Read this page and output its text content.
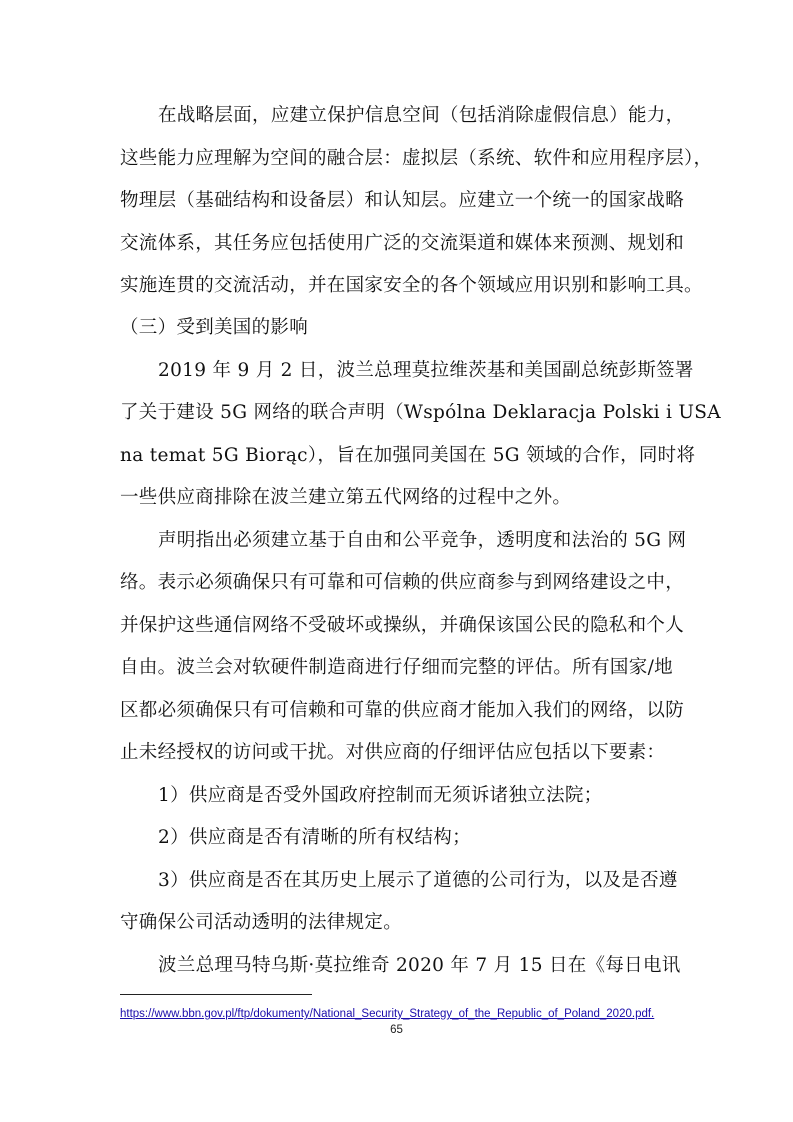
在战略层面，应建立保护信息空间（包括消除虚假信息）能力，
这些能力应理解为空间的融合层：虚拟层（系统、软件和应用程序层），
物理层（基础结构和设备层）和认知层。应建立一个统一的国家战略
交流体系，其任务应包括使用广泛的交流渠道和媒体来预测、规划和
实施连贯的交流活动，并在国家安全的各个领域应用识别和影响工具。
（三）受到美国的影响
2019 年 9 月 2 日，波兰总理莫拉维茨基和美国副总统彭斯签署
了关于建设 5G 网络的联合声明（Wspólna Deklaracja Polski i USA
na temat 5G Biorąc），旨在加强同美国在 5G 领域的合作，同时将
一些供应商排除在波兰建立第五代网络的过程中之外。
声明指出必须建立基于自由和公平竞争，透明度和法治的 5G 网
络。表示必须确保只有可靠和可信赖的供应商参与到网络建设之中，
并保护这些通信网络不受破坏或操纵，并确保该国公民的隐私和个人
自由。波兰会对软硬件制造商进行仔细而完整的评估。所有国家/地
区都必须确保只有可信赖和可靠的供应商才能加入我们的网络，以防
止未经授权的访问或干扰。对供应商的仔细评估应包括以下要素：
1）供应商是否受外国政府控制而无须诉诸独立法院；
2）供应商是否有清晰的所有权结构；
3）供应商是否在其历史上展示了道德的公司行为，以及是否遵
守确保公司活动透明的法律规定。
波兰总理马特乌斯·莫拉维奇 2020 年 7 月 15 日在《每日电讯
https://www.bbn.gov.pl/ftp/dokumenty/National_Security_Strategy_of_the_Republic_of_Poland_2020.pdf.
65
